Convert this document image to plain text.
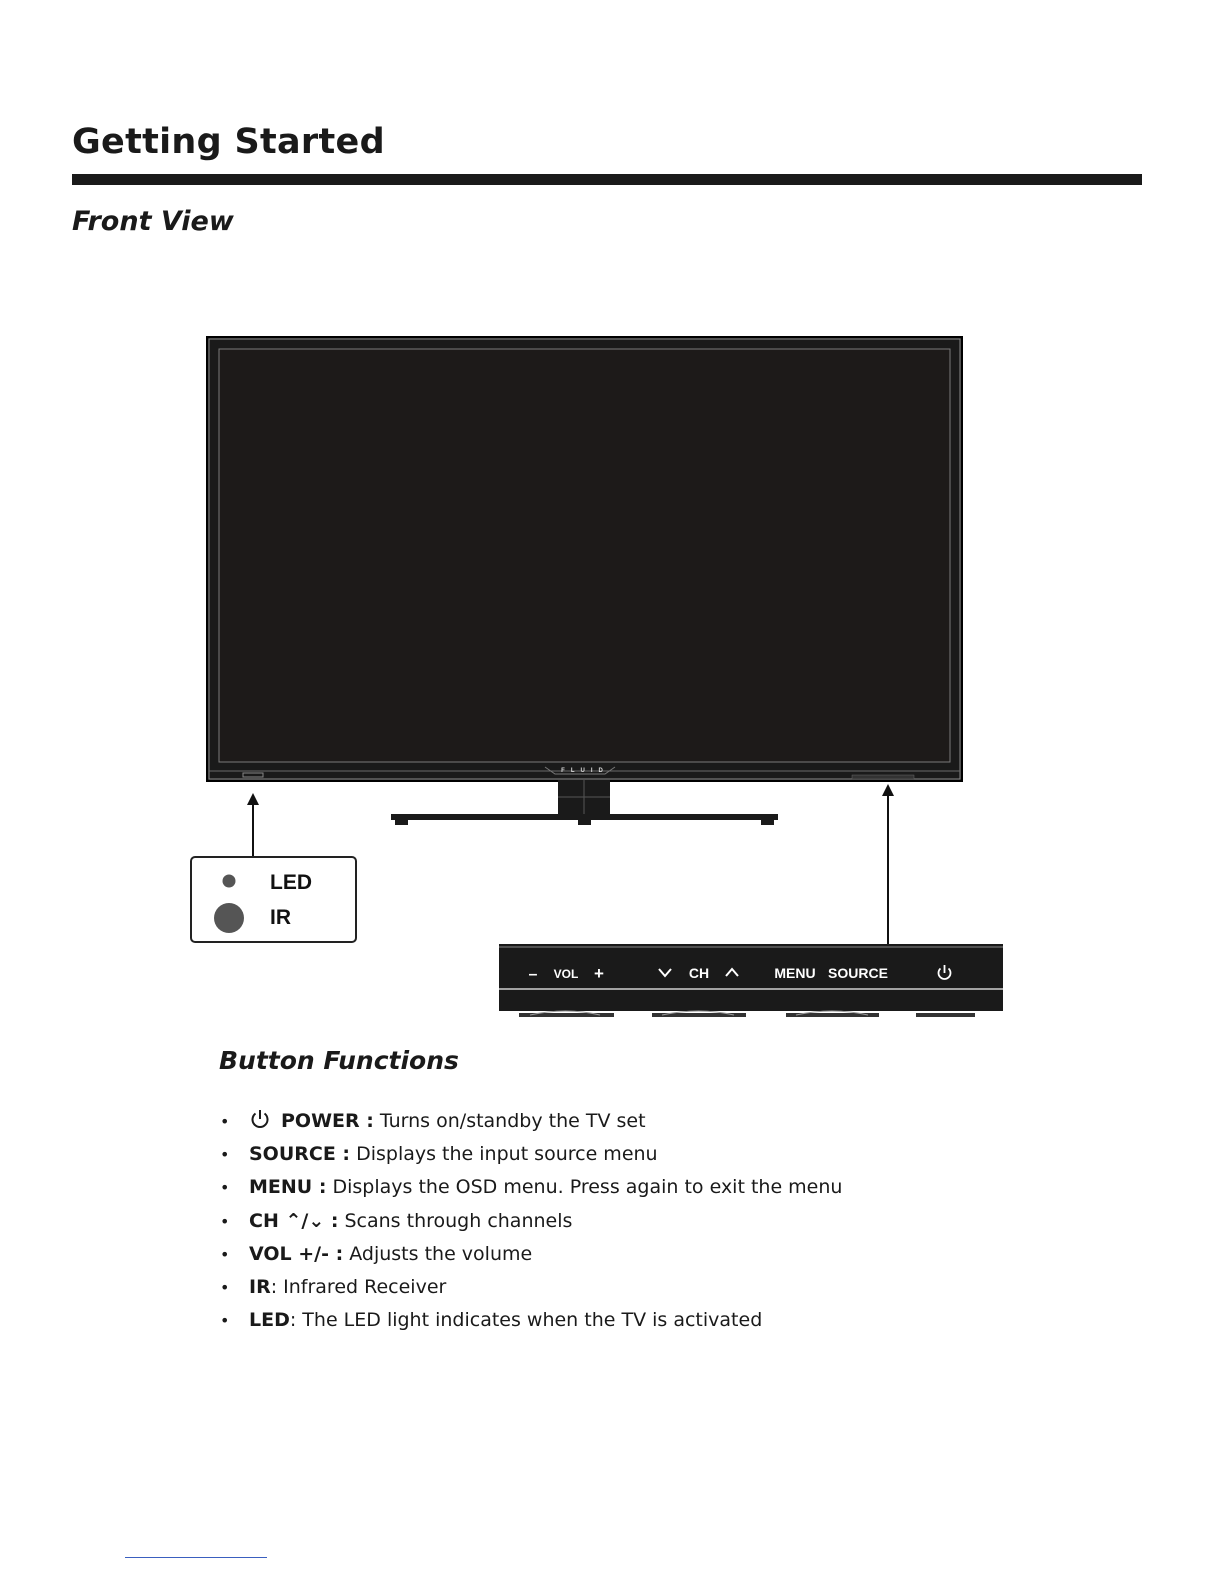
Getting Started
Front View
FLUID
LED
IR
– VOL +	CH	MENU SOURCE
Button Functions
•	POWER : Turns on/standby the TV set
• SOURCE : Displays the input source menu
• MENU : Displays the OSD menu. Press again to exit the menu
• CH ⌃/⌄ : Scans through channels
• VOL +/- : Adjusts the volume
• IR: Infrared Receiver
• LED: The LED light indicates when the TV is activated
